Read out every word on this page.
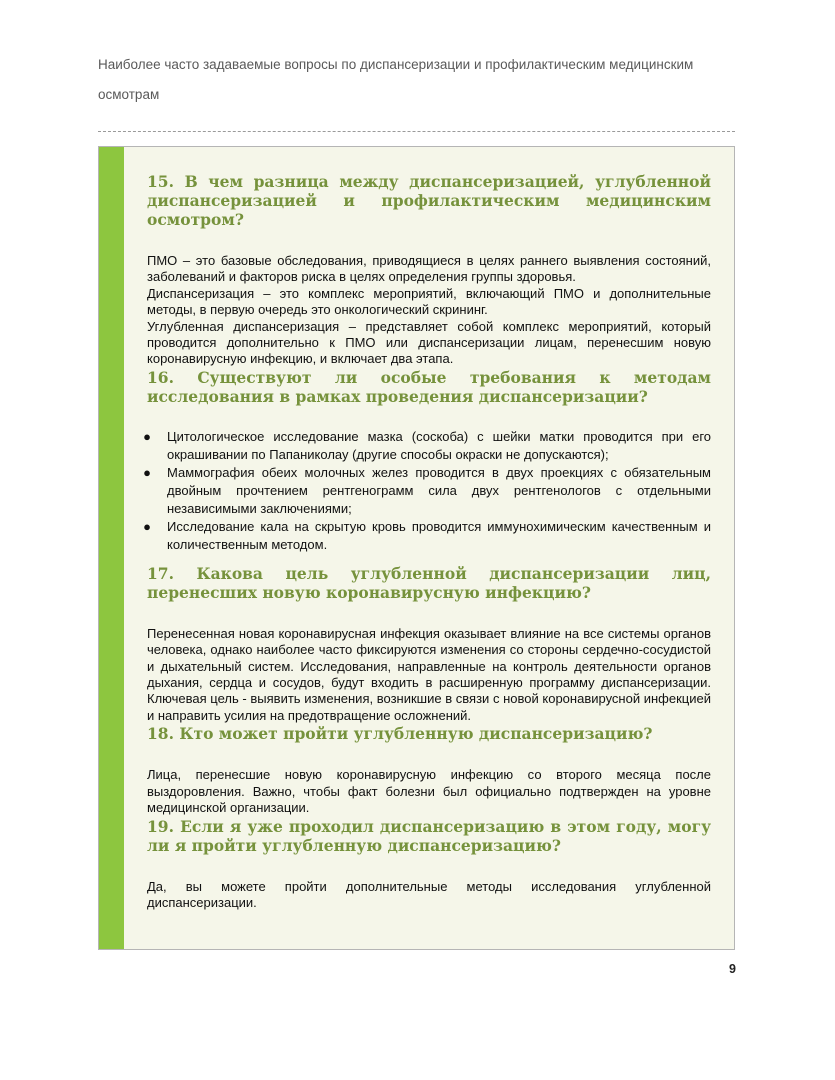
Наиболее часто задаваемые вопросы по диспансеризации и профилактическим медицинским осмотрам

15. В чем разница между диспансеризацией, углубленной диспансеризацией и профилактическим медицинским осмотром?

ПМО – это базовые обследования, приводящиеся в целях раннего выявления состояний, заболеваний и факторов риска в целях определения группы здоровья.

Диспансеризация – это комплекс мероприятий, включающий ПМО и дополнительные методы, в первую очередь это онкологический скрининг.

Углубленная диспансеризация – представляет собой комплекс мероприятий, который проводится дополнительно к ПМО или диспансеризации лицам, перенесшим новую коронавирусную инфекцию, и включает два этапа.

16. Существуют ли особые требования к методам исследования в рамках проведения диспансеризации?

● Цитологическое исследование мазка (соскоба) с шейки матки проводится при его окрашивании по Папаниколау (другие способы окраски не допускаются);
● Маммография обеих молочных желез проводится в двух проекциях с обязательным двойным прочтением рентгенограмм сила двух рентгенологов с отдельными независимыми заключениями;
● Исследование кала на скрытую кровь проводится иммунохимическим качественным и количественным методом.

17. Какова цель углубленной диспансеризации лиц, перенесших новую коронавирусную инфекцию?

Перенесенная новая коронавирусная инфекция оказывает влияние на все системы органов человека, однако наиболее часто фиксируются изменения со стороны сердечно-сосудистой и дыхательный систем. Исследования, направленные на контроль деятельности органов дыхания, сердца и сосудов, будут входить в расширенную программу диспансеризации. Ключевая цель - выявить изменения, возникшие в связи с новой коронавирусной инфекцией и направить усилия на предотвращение осложнений.

18. Кто может пройти углубленную диспансеризацию?

Лица, перенесшие новую коронавирусную инфекцию со второго месяца после выздоровления. Важно, чтобы факт болезни был официально подтвержден на уровне медицинской организации.

19. Если я уже проходил диспансеризацию в этом году, могу ли я пройти углубленную диспансеризацию?

Да, вы можете пройти дополнительные методы исследования углубленной диспансеризации.

9
